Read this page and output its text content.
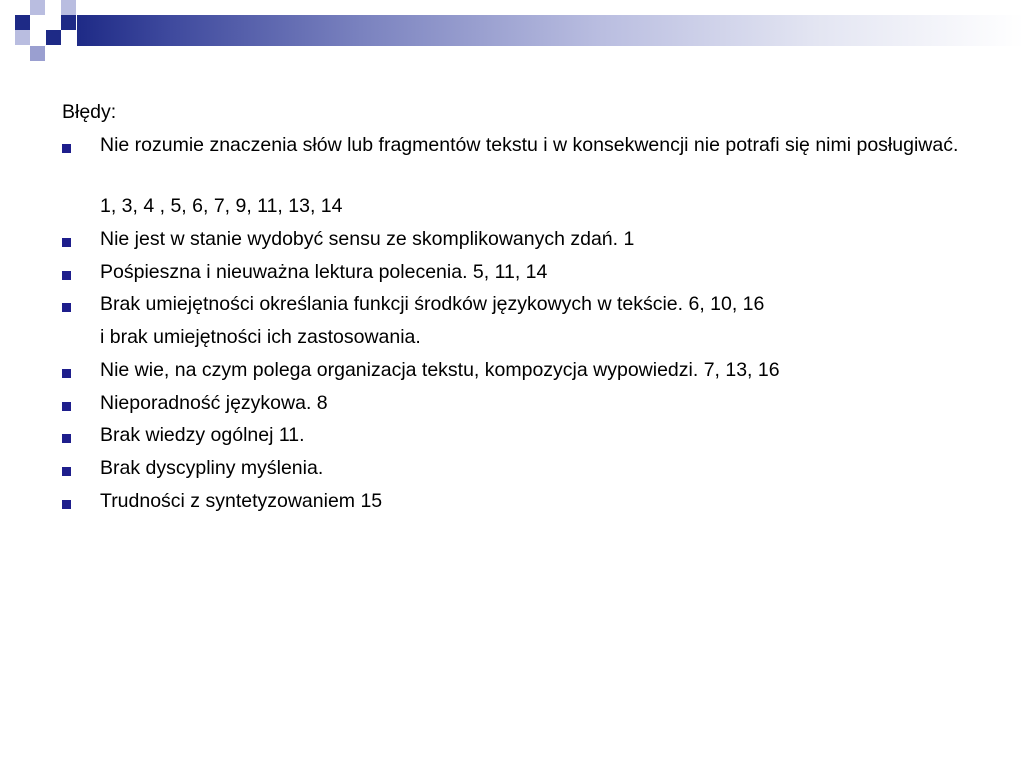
Błędy:
Nie rozumie znaczenia słów lub fragmentów tekstu i w konsekwencji nie potrafi się nimi posługiwać.
1, 3, 4 , 5, 6, 7, 9, 11, 13, 14
Nie jest w stanie wydobyć sensu ze skomplikowanych zdań. 1
Pośpieszna i nieuważna lektura polecenia. 5, 11, 14
Brak umiejętności określania funkcji środków językowych w tekście. 6, 10, 16
i brak umiejętności ich zastosowania.
Nie wie, na czym polega organizacja tekstu, kompozycja wypowiedzi. 7, 13, 16
Nieporadność językowa. 8
Brak wiedzy ogólnej 11.
Brak dyscypliny myślenia.
Trudności z syntetyzowaniem 15
